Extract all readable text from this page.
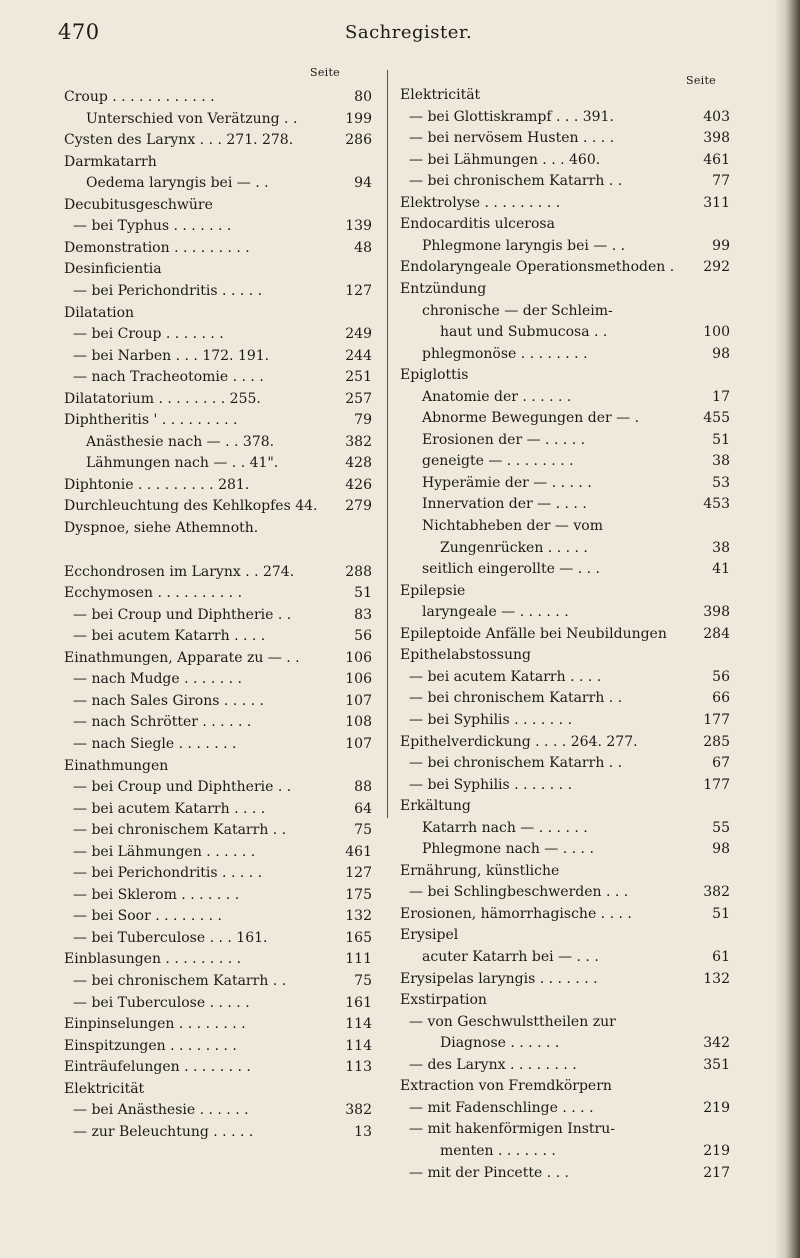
470	Sachregister.
Seite
Croup . . . . . . . . . . . .	80
Unterschied von Verätzung . .	199
Cysten des Larynx . . . 271. 278.	286
Darmkatarrh
Oedema laryngis bei — . .	94
Decubitusgeschwüre
— bei Typhus . . . . . . .	139
Demonstration . . . . . . . . .	48
Desinficientia
— bei Perichondritis . . . . .	127
Dilatation
— bei Croup . . . . . . .	249
— bei Narben . . . 172. 191.	244
— nach Tracheotomie . . . .	251
Dilatatorium . . . . . . . . 255.	257
Diphtheritis ' . . . . . . . . .	79
Anästhesie nach — . . 378.	382
Lähmungen nach — . . 41".	428
Diphtonie . . . . . . . . . 281.	426
Durchleuchtung des Kehlkopfes 44. 279
Dyspnoe, siehe Athemnoth.
Ecchondrosen im Larynx . . 274.	288
Ecchymosen . . . . . . . . . .	51
— bei Croup und Diphtherie . .	83
— bei acutem Katarrh . . . .	56
Einathmungen, Apparate zu — . .	106
— nach Mudge . . . . . . .	106
— nach Sales Girons . . . . .	107
— nach Schrötter . . . . . .	108
— nach Siegle . . . . . . .	107
Einathmungen
— bei Croup und Diphtherie . .	88
— bei acutem Katarrh . . . .	64
— bei chronischem Katarrh . .	75
— bei Lähmungen . . . . . .	461
— bei Perichondritis . . . . .	127
— bei Sklerom . . . . . . .	175
— bei Soor . . . . . . . .	132
— bei Tuberculose . . . 161.	165
Einblasungen . . . . . . . . .	111
— bei chronischem Katarrh . .	75
— bei Tuberculose . . . . .	161
Einpinselungen . . . . . . . .	114
Einspitzungen . . . . . . . .	114
Einträufelungen . . . . . . . .	113
Elektricität
— bei Anästhesie . . . . . .	382
— zur Beleuchtung . . . . .	13
Seite
Elektricität
— bei Glottiskrampf . . . 391.	403
— bei nervösem Husten . . . .	398
— bei Lähmungen . . . 460.	461
— bei chronischem Katarrh . .	77
Elektrolyse . . . . . . . . .	311
Endocarditis ulcerosa
Phlegmone laryngis bei — . .	99
Endolaryngeale Operationsmethoden . 292
Entzündung
chronische — der Schleim-
haut und Submucosa . .	100
phlegmonöse . . . . . . . .	98
Epiglottis
Anatomie der . . . . . .	17
Abnorme Bewegungen der — .	455
Erosionen der — . . . . .	51
geneigte — . . . . . . . .	38
Hyperämie der — . . . . .	53
Innervation der — . . . .	453
Nichtabheben der — vom
Zungenrücken . . . . .	38
seitlich eingerollte — . . .	41
Epilepsie
laryngeale — . . . . . .	398
Epileptoide Anfälle bei Neubildungen	284
Epithelabstossung
— bei acutem Katarrh . . . .	56
— bei chronischem Katarrh . .	66
— bei Syphilis . . . . . . .	177
Epithelverdickung . . . . 264. 277.	285
— bei chronischem Katarrh . .	67
— bei Syphilis . . . . . . .	177
Erkältung
Katarrh nach — . . . . . .	55
Phlegmone nach — . . . .	98
Ernährung, künstliche
— bei Schlingbeschwerden . . .	382
Erosionen, hämorrhagische . . . .	51
Erysipel
acuter Katarrh bei — . . .	61
Erysipelas laryngis . . . . . . .	132
Exstirpation
— von Geschwulsttheilen zur
Diagnose . . . . . .	342
— des Larynx . . . . . . . .	351
Extraction von Fremdkörpern
— mit Fadenschlinge . . . .	219
— mit hakenförmigen Instru-
menten . . . . . . .	219
— mit der Pincette . . .	217
